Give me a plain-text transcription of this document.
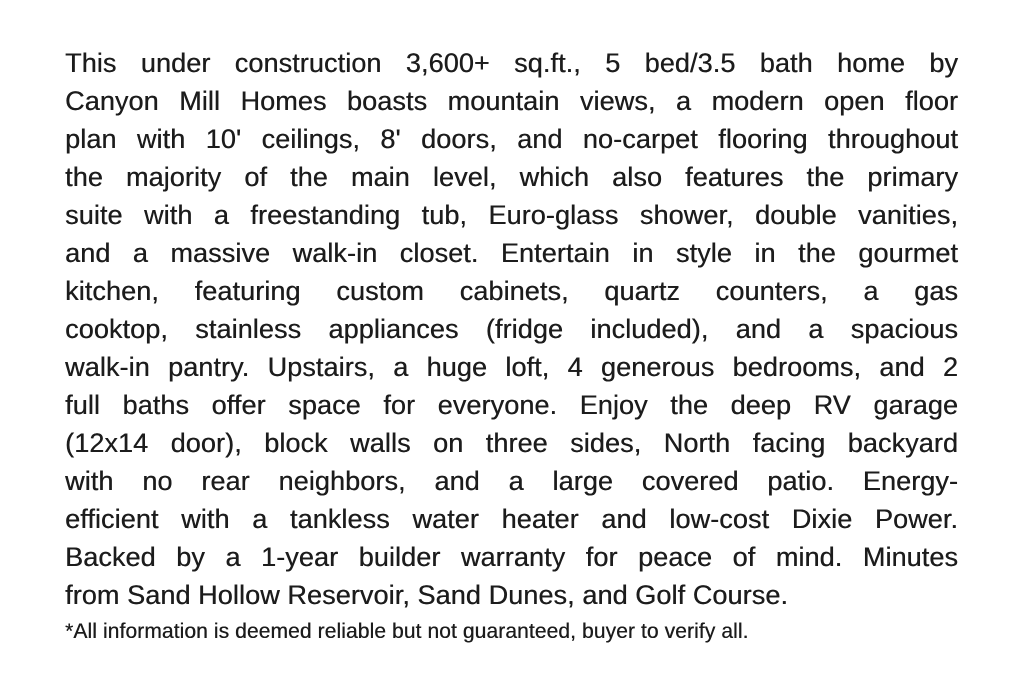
This under construction 3,600+ sq.ft., 5 bed/3.5 bath home by
Canyon Mill Homes boasts mountain views, a modern open floor
plan with 10' ceilings, 8' doors, and no-carpet flooring throughout
the majority of the main level, which also features the primary
suite with a freestanding tub, Euro-glass shower, double vanities,
and a massive walk-in closet. Entertain in style in the gourmet
kitchen, featuring custom cabinets, quartz counters, a gas
cooktop, stainless appliances (fridge included), and a spacious
walk-in pantry. Upstairs, a huge loft, 4 generous bedrooms, and 2
full baths offer space for everyone. Enjoy the deep RV garage
(12x14 door), block walls on three sides, North facing backyard
with no rear neighbors, and a large covered patio. Energy-
efficient with a tankless water heater and low-cost Dixie Power.
Backed by a 1-year builder warranty for peace of mind. Minutes
from Sand Hollow Reservoir, Sand Dunes, and Golf Course.
*All information is deemed reliable but not guaranteed, buyer to verify all.
